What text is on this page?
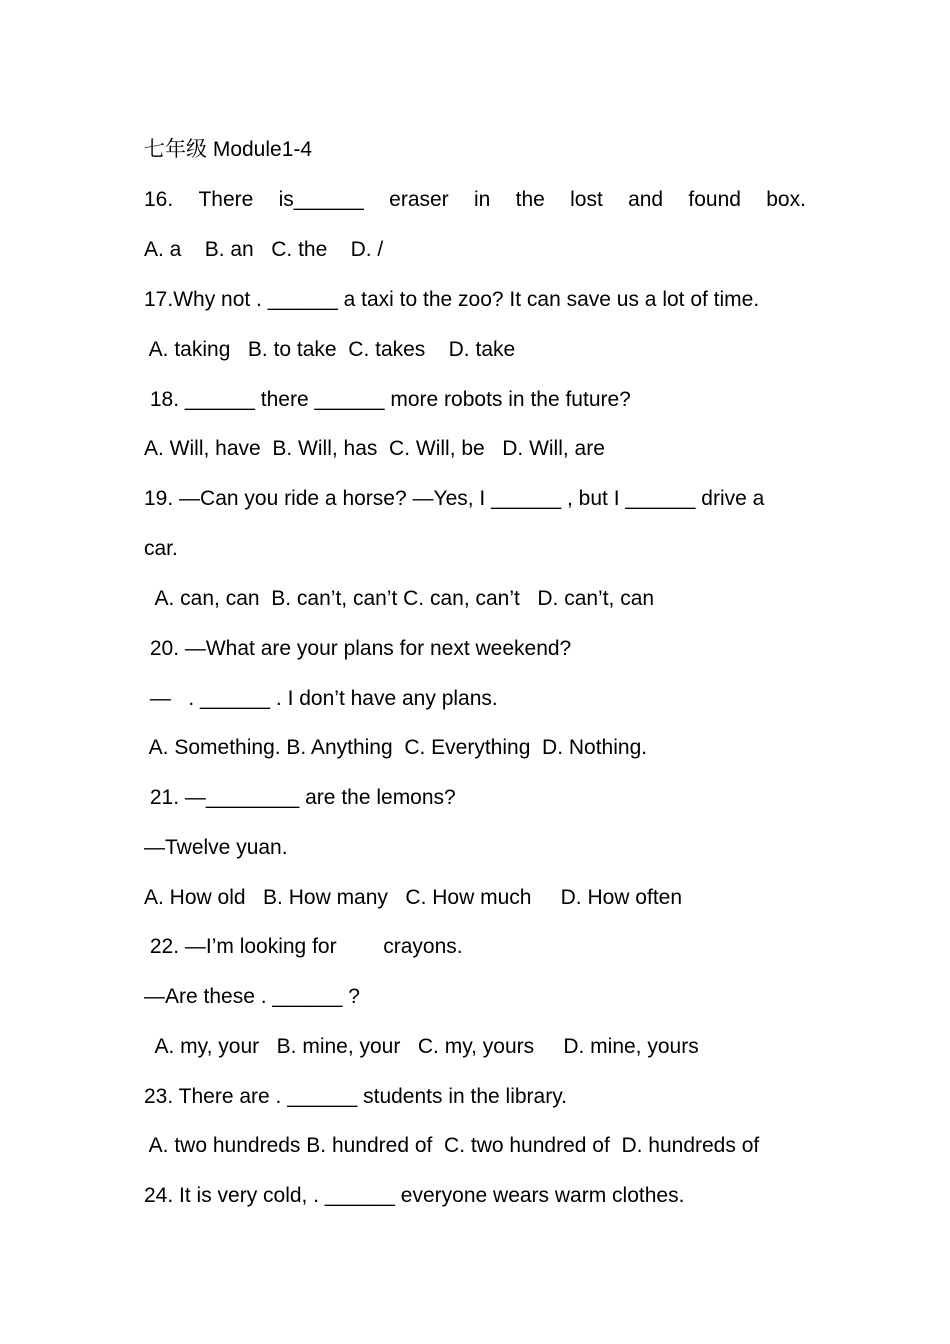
七年级 Module1-4
16. There is______ eraser in the lost and found box.
A. a    B. an   C. the    D. /
17.Why not . ______ a taxi to the zoo? It can save us a lot of time.
A. taking   B. to take  C. takes    D. take
18. ______ there ______ more robots in the future?
A. Will, have  B. Will, has  C. Will, be   D. Will, are
19. —Can you ride a horse? —Yes, I ______ , but I ______ drive a
car.
A. can, can  B. can’t, can’t C. can, can’t   D. can’t, can
20. —What are your plans for next weekend?
—   . ______ . I don’t have any plans.
A. Something. B. Anything  C. Everything  D. Nothing.
21. —________ are the lemons?
—Twelve yuan.
A. How old   B. How many   C. How much     D. How often
22. —I’m looking for        crayons.
—Are these . ______ ?
A. my, your   B. mine, your   C. my, yours     D. mine, yours
23. There are . ______ students in the library.
A. two hundreds B. hundred of  C. two hundred of  D. hundreds of
24. It is very cold, . ______ everyone wears warm clothes.
